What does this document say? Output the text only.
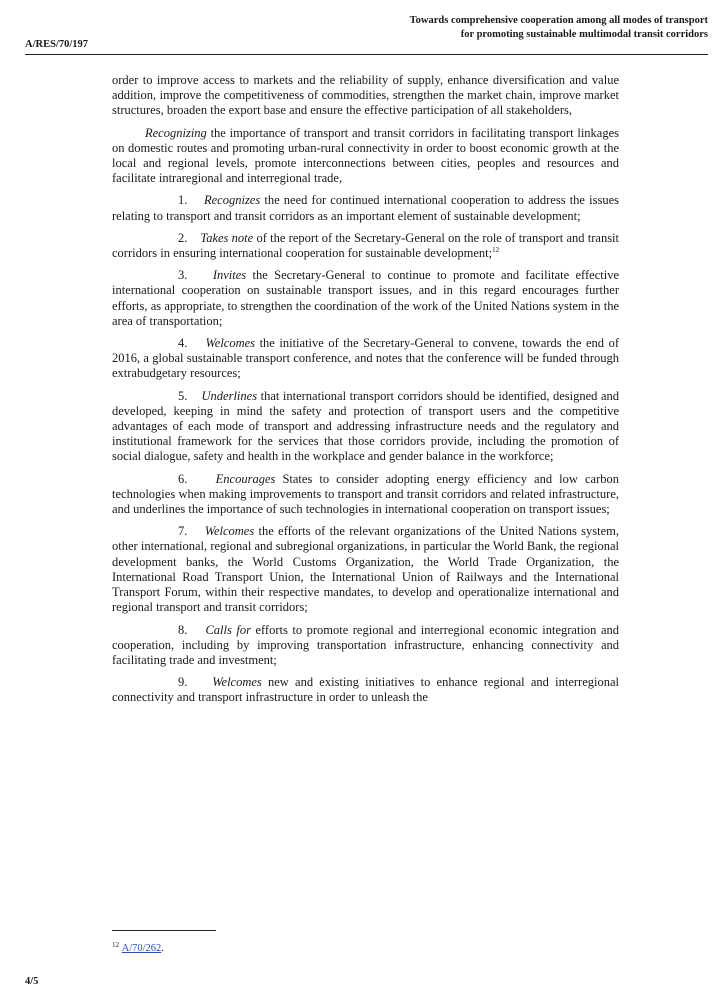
A/RES/70/197
Towards comprehensive cooperation among all modes of transport
for promoting sustainable multimodal transit corridors

order to improve access to markets and the reliability of supply, enhance diversification and value addition, improve the competitiveness of commodities, strengthen the market chain, improve market structures, broaden the export base and ensure the effective participation of all stakeholders,

Recognizing the importance of transport and transit corridors in facilitating transport linkages on domestic routes and promoting urban-rural connectivity in order to boost economic growth at the local and regional levels, promote interconnections between cities, peoples and resources and facilitate intraregional and interregional trade,

1. Recognizes the need for continued international cooperation to address the issues relating to transport and transit corridors as an important element of sustainable development;

2. Takes note of the report of the Secretary-General on the role of transport and transit corridors in ensuring international cooperation for sustainable development;$^{12}$

3. Invites the Secretary-General to continue to promote and facilitate effective international cooperation on sustainable transport issues, and in this regard encourages further efforts, as appropriate, to strengthen the coordination of the work of the United Nations system in the area of transportation;

4. Welcomes the initiative of the Secretary-General to convene, towards the end of 2016, a global sustainable transport conference, and notes that the conference will be funded through extrabudgetary resources;

5. Underlines that international transport corridors should be identified, designed and developed, keeping in mind the safety and protection of transport users and the competitive advantages of each mode of transport and addressing infrastructure needs and the regulatory and institutional framework for the services that those corridors provide, including the promotion of social dialogue, safety and health in the workplace and gender balance in the workforce;

6. Encourages States to consider adopting energy efficiency and low carbon technologies when making improvements to transport and transit corridors and related infrastructure, and underlines the importance of such technologies in international cooperation on transport issues;

7. Welcomes the efforts of the relevant organizations of the United Nations system, other international, regional and subregional organizations, in particular the World Bank, the regional development banks, the World Customs Organization, the World Trade Organization, the International Road Transport Union, the International Union of Railways and the International Transport Forum, within their respective mandates, to develop and operationalize international and regional transport and transit corridors;

8. Calls for efforts to promote regional and interregional economic integration and cooperation, including by improving transportation infrastructure, enhancing connectivity and facilitating trade and investment;

9. Welcomes new and existing initiatives to enhance regional and interregional connectivity and transport infrastructure in order to unleash the

$^{12}$ A/70/262.
4/5
